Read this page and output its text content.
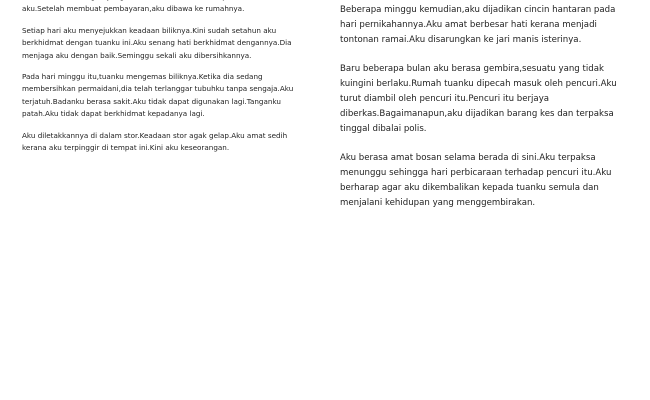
aku.Setelah membuat pembayaran,aku dibawa ke rumahnya.

Setiap hari aku menyejukkan keadaan biliknya.Kini sudah setahun aku
berkhidmat dengan tuanku ini.Aku senang hati berkhidmat dengannya.Dia
menjaga aku dengan baik.Seminggu sekali aku dibersihkannya.

Pada hari minggu itu,tuanku mengemas biliknya.Ketika dia sedang
membersihkan permaidani,dia telah terlanggar tubuhku tanpa sengaja.Aku
terjatuh.Badanku berasa sakit.Aku tidak dapat digunakan lagi.Tanganku
patah.Aku tidak dapat berkhidmat kepadanya lagi.

Aku diletakkannya di dalam stor.Keadaan stor agak gelap.Aku amat sedih
kerana aku terpinggir di tempat ini.Kini aku keseorangan.

Beberapa minggu kemudian,aku dijadikan cincin hantaran pada
hari pernikahannya.Aku amat berbesar hati kerana menjadi
tontonan ramai.Aku disarungkan ke jari manis isterinya.

Baru beberapa bulan aku berasa gembira,sesuatu yang tidak
kuingini berlaku.Rumah tuanku dipecah masuk oleh pencuri.Aku
turut diambil oleh pencuri itu.Pencuri itu berjaya
diberkas.Bagaimanapun,aku dijadikan barang kes dan terpaksa
tinggal dibalai polis.

Aku berasa amat bosan selama berada di sini.Aku terpaksa
menunggu sehingga hari perbicaraan terhadap pencuri itu.Aku
berharap agar aku dikembalikan kepada tuanku semula dan
menjalani kehidupan yang menggembirakan.
